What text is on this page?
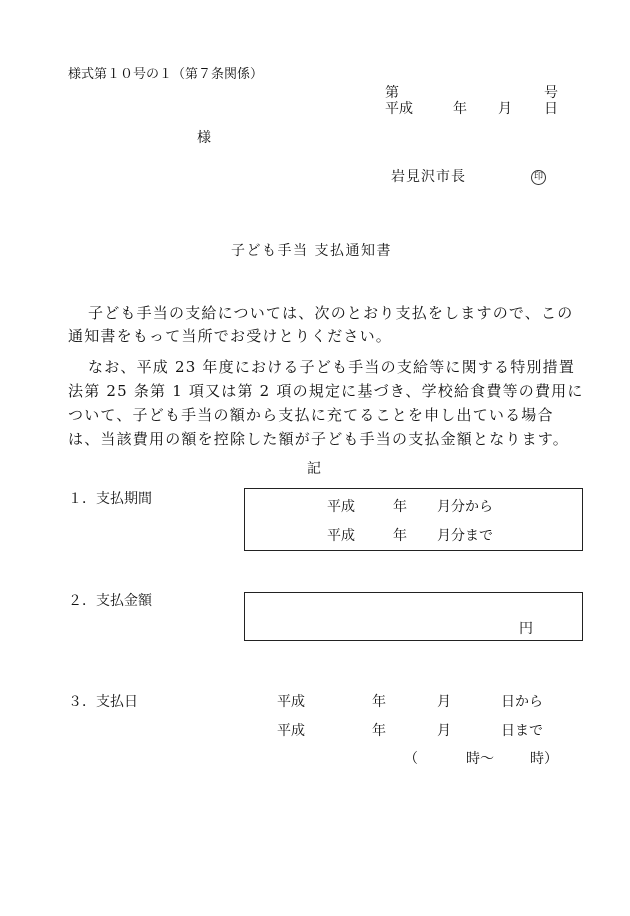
様式第１０号の１（第７条関係）
第	号
平成	年 月 日
様
岩見沢市長	印
子ども手当 支払通知書
子ども手当の支給については、次のとおり支払をしますので、この
通知書をもって当所でお受けとりください。
なお、平成 23 年度における子ども手当の支給等に関する特別措置
法第 25 条第 1 項又は第 2 項の規定に基づき、学校給食費等の費用に
ついて、子ども手当の額から支払に充てることを申し出ている場合
は、当該費用の額を控除した額が子ども手当の支払金額となります。
記
１．支払期間	平成	年 月分から
平成	年 月分まで
２．支払金額
円
３．支払日	平成	年	月	日から
平成	年	月	日まで
（	時～	時）
